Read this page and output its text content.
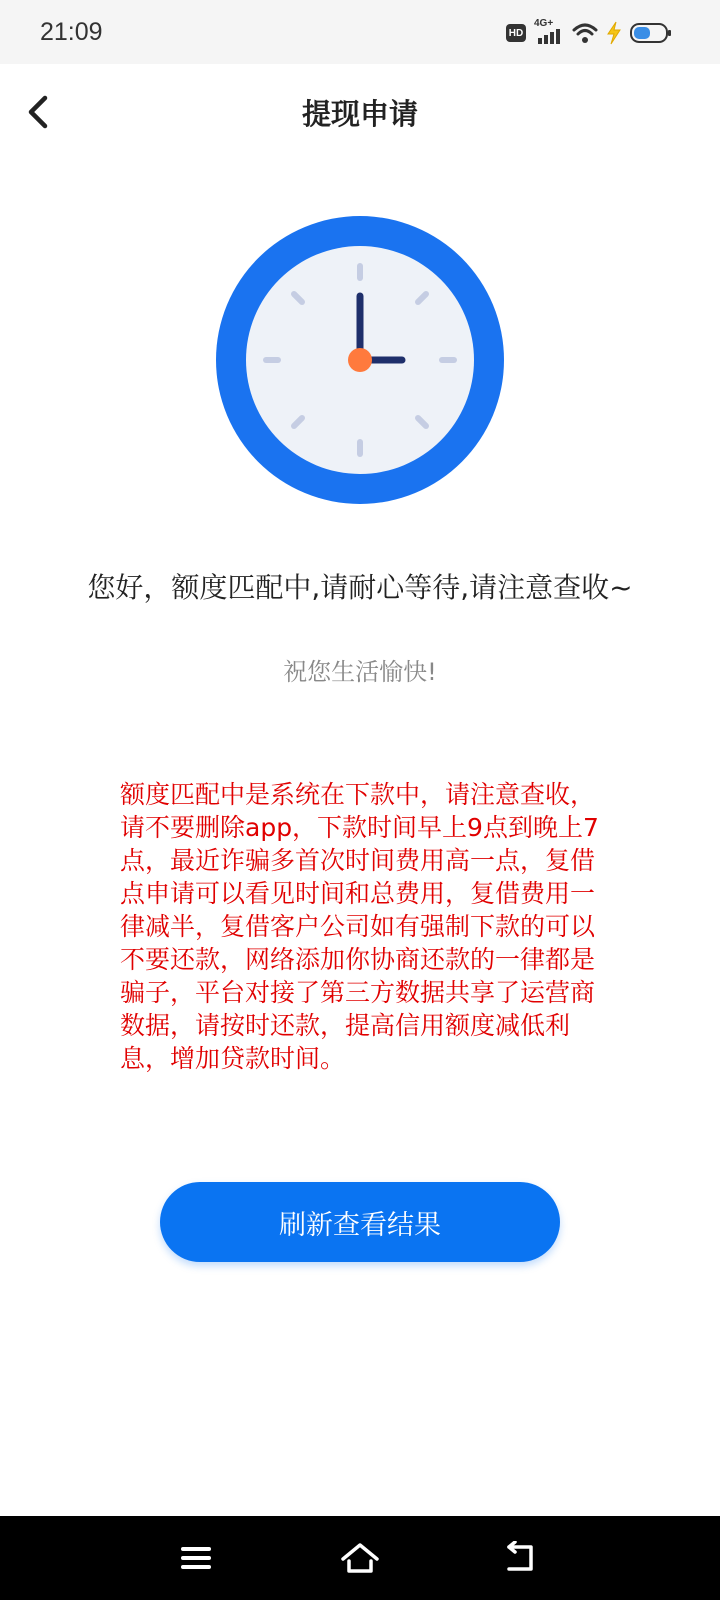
21:09	HD
4G+
提现申请
您好，额度匹配中,请耐心等待,请注意查收~
祝您生活愉快!
额度匹配中是系统在下款中，请注意查收，请不要删除app，下款时间早上9点到晚上7点，最近诈骗多首次时间费用高一点，复借点申请可以看见时间和总费用，复借费用一律减半，复借客户公司如有强制下款的可以不要还款，网络添加你协商还款的一律都是骗子，平台对接了第三方数据共享了运营商数据，请按时还款，提高信用额度减低利息，增加贷款时间。
刷新查看结果
